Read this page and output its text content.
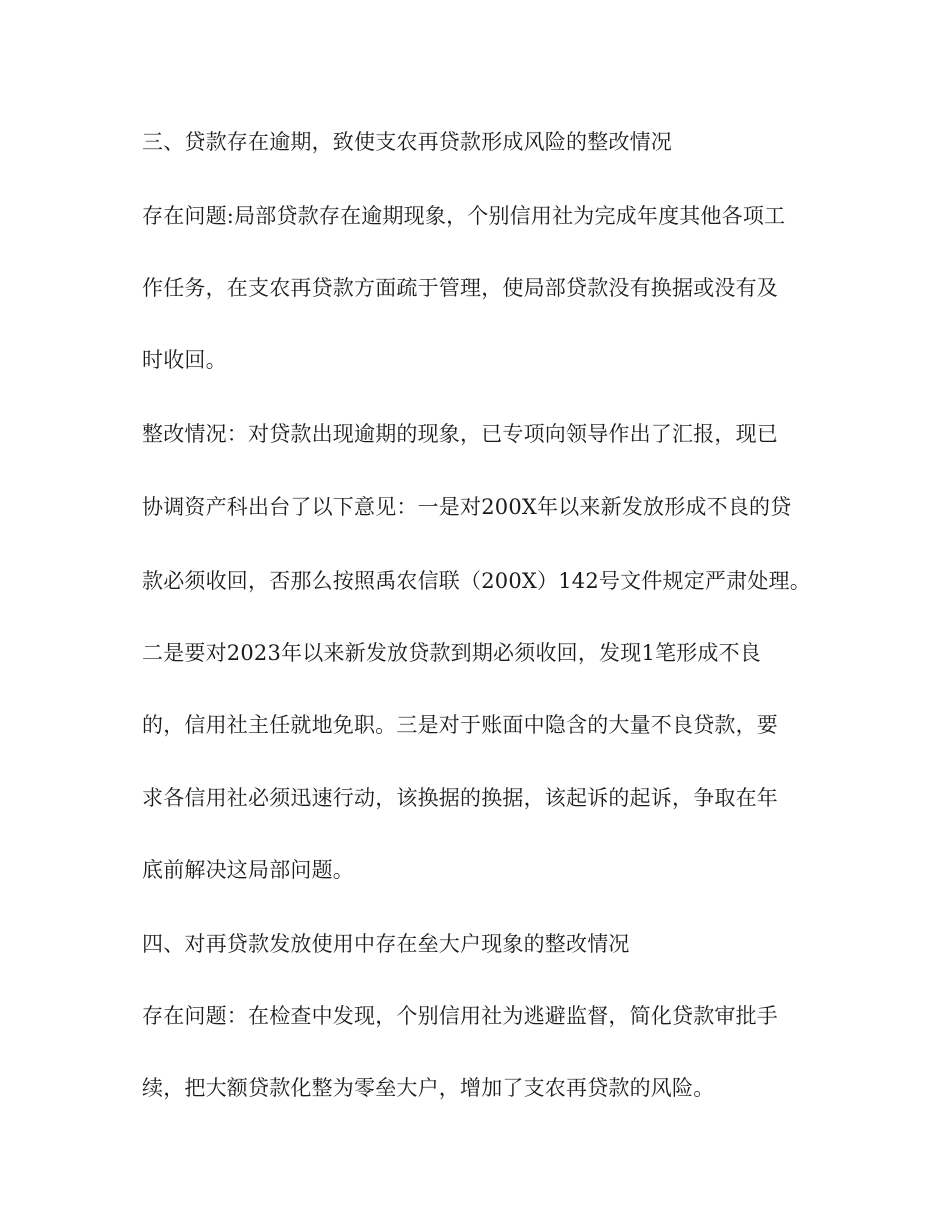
三、贷款存在逾期，致使支农再贷款形成风险的整改情况

存在问题:局部贷款存在逾期现象，个别信用社为完成年度其他各项工

作任务，在支农再贷款方面疏于管理，使局部贷款没有换据或没有及

时收回。

整改情况：对贷款出现逾期的现象，已专项向领导作出了汇报，现已

协调资产科出台了以下意见：一是对200X年以来新发放形成不良的贷

款必须收回，否那么按照禹农信联（200X）142号文件规定严肃处理。

二是要对2023年以来新发放贷款到期必须收回，发现1笔形成不良

的，信用社主任就地免职。三是对于账面中隐含的大量不良贷款，要

求各信用社必须迅速行动，该换据的换据，该起诉的起诉，争取在年

底前解决这局部问题。

四、对再贷款发放使用中存在垒大户现象的整改情况

存在问题：在检查中发现，个别信用社为逃避监督，简化贷款审批手

续，把大额贷款化整为零垒大户，增加了支农再贷款的风险。
